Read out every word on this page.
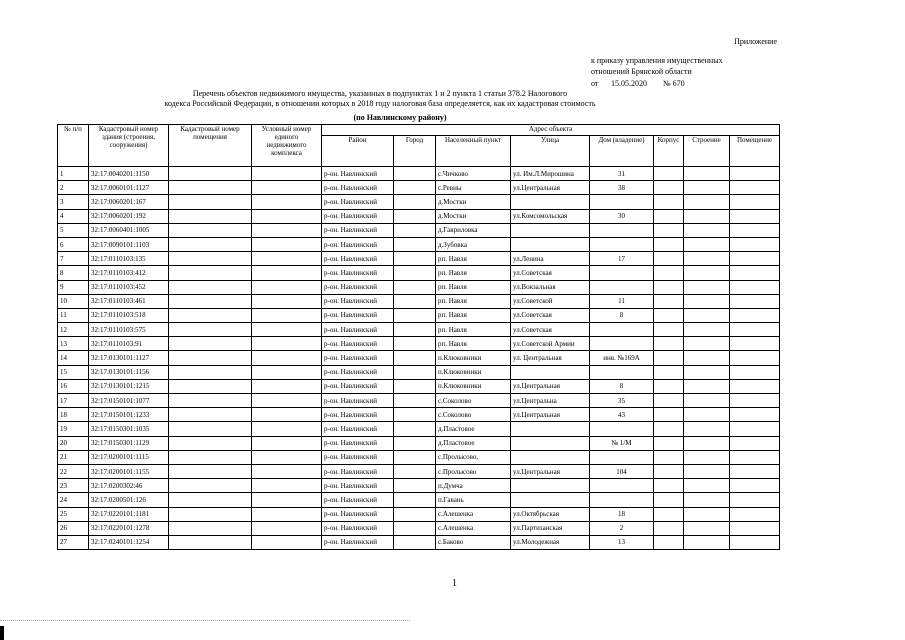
Приложение
к приказу управления имущественных
отношений Брянской области
от 15.05.2020 № 670
Перечень объектов недвижимого имущества, указанных в подпунктах 1 и 2 пункта 1 статьи 378.2 Налогового
кодекса Российской Федерации, в отношении которых в 2018 году налоговая база определяется, как их кадастровая стоимость
(по Навлинскому району)
№ п/п	Кадастровый номер здания (строения, сооружения)	Кадастровый номер помещения	Условный номер единого недвижимого комплекса	Адрес объекта							
				Район	Город	Населенный пункт	Улица	Дом (владение)	Корпус	Строение	Помещение
1	32:17:0040201:1150			р-он. Навлинский		с.Чичково	ул. Им.Л.Мирошина	31			
2	32:17:0060101:1127			р-он. Навлинский		с.Ревны	ул.Центральная	38			
3	32:17:0060201:167			р-он. Навлинский		д.Мостки					
4	32:17:0060201:192			р-он. Навлинский		д.Мостки	ул.Комсомольская	30			
5	32:17:0060401:1005			р-он. Навлинский		д.Гавриловка					
6	32:17:0090101:1103			р-он. Навлинский		д.Зубовка					
7	32:17:0110103:135			р-он. Навлинский		рп. Навля	ул.Ленина	17			
8	32:17:0110103:412			р-он. Навлинский		рп. Навля	ул.Советская				
9	32:17:0110103:452			р-он. Навлинский		рп. Навля	ул.Вокзальная				
10	32:17:0110103:461			р-он. Навлинский		рп. Навля	ул.Советской	11			
11	32:17:0110103:518			р-он. Навлинский		рп. Навля	ул.Советская	8			
12	32:17:0110103:575			р-он. Навлинский		рп. Навля	ул.Советская				
13	32:17:0110103:91			р-он. Навлинский		рп. Навля	ул.Советской Армии				
14	32:17:0130101:1127			р-он. Навлинский		п.Клюковники	ул. Центральная	инв. №169А			
15	32:17:0130101:1156			р-он. Навлинский		п.Клюковники					
16	32:17:0130101:1215			р-он. Навлинский		п.Клюковники	ул.Центральная	8			
17	32:17:0150101:1077			р-он. Навлинский		с.Соколово	ул.Центральна	35			
18	32:17:0150101:1233			р-он. Навлинский		с.Соколово	ул.Центральная	43			
19	32:17:0150301:1035			р-он. Навлинский		д.Пластовое					
20	32:17:0150301:1129			р-он. Навлинский		д.Пластовое		№ 1/М			
21	32:17:0200101:1115			р-он. Навлинский		с.Пролысово,					
22	32:17:0200101:1155			р-он. Навлинский		с.Пролысово	ул.Центральная	104			
23	32:17:0200302:46			р-он. Навлинский		п.Думча					
24	32:17:0200501:126			р-он. Навлинский		п.Гавань					
25	32:17:0220101:1181			р-он. Навлинский		с.Алешенка	ул.Октябрьская	18			
26	32:17:0220101:1278			р-он. Навлинский		с.Алешенка	ул.Партизанская	2			
27	32:17:0240101:1254			р-он. Навлинский		с.Баково	ул.Молодежная	13			
1
